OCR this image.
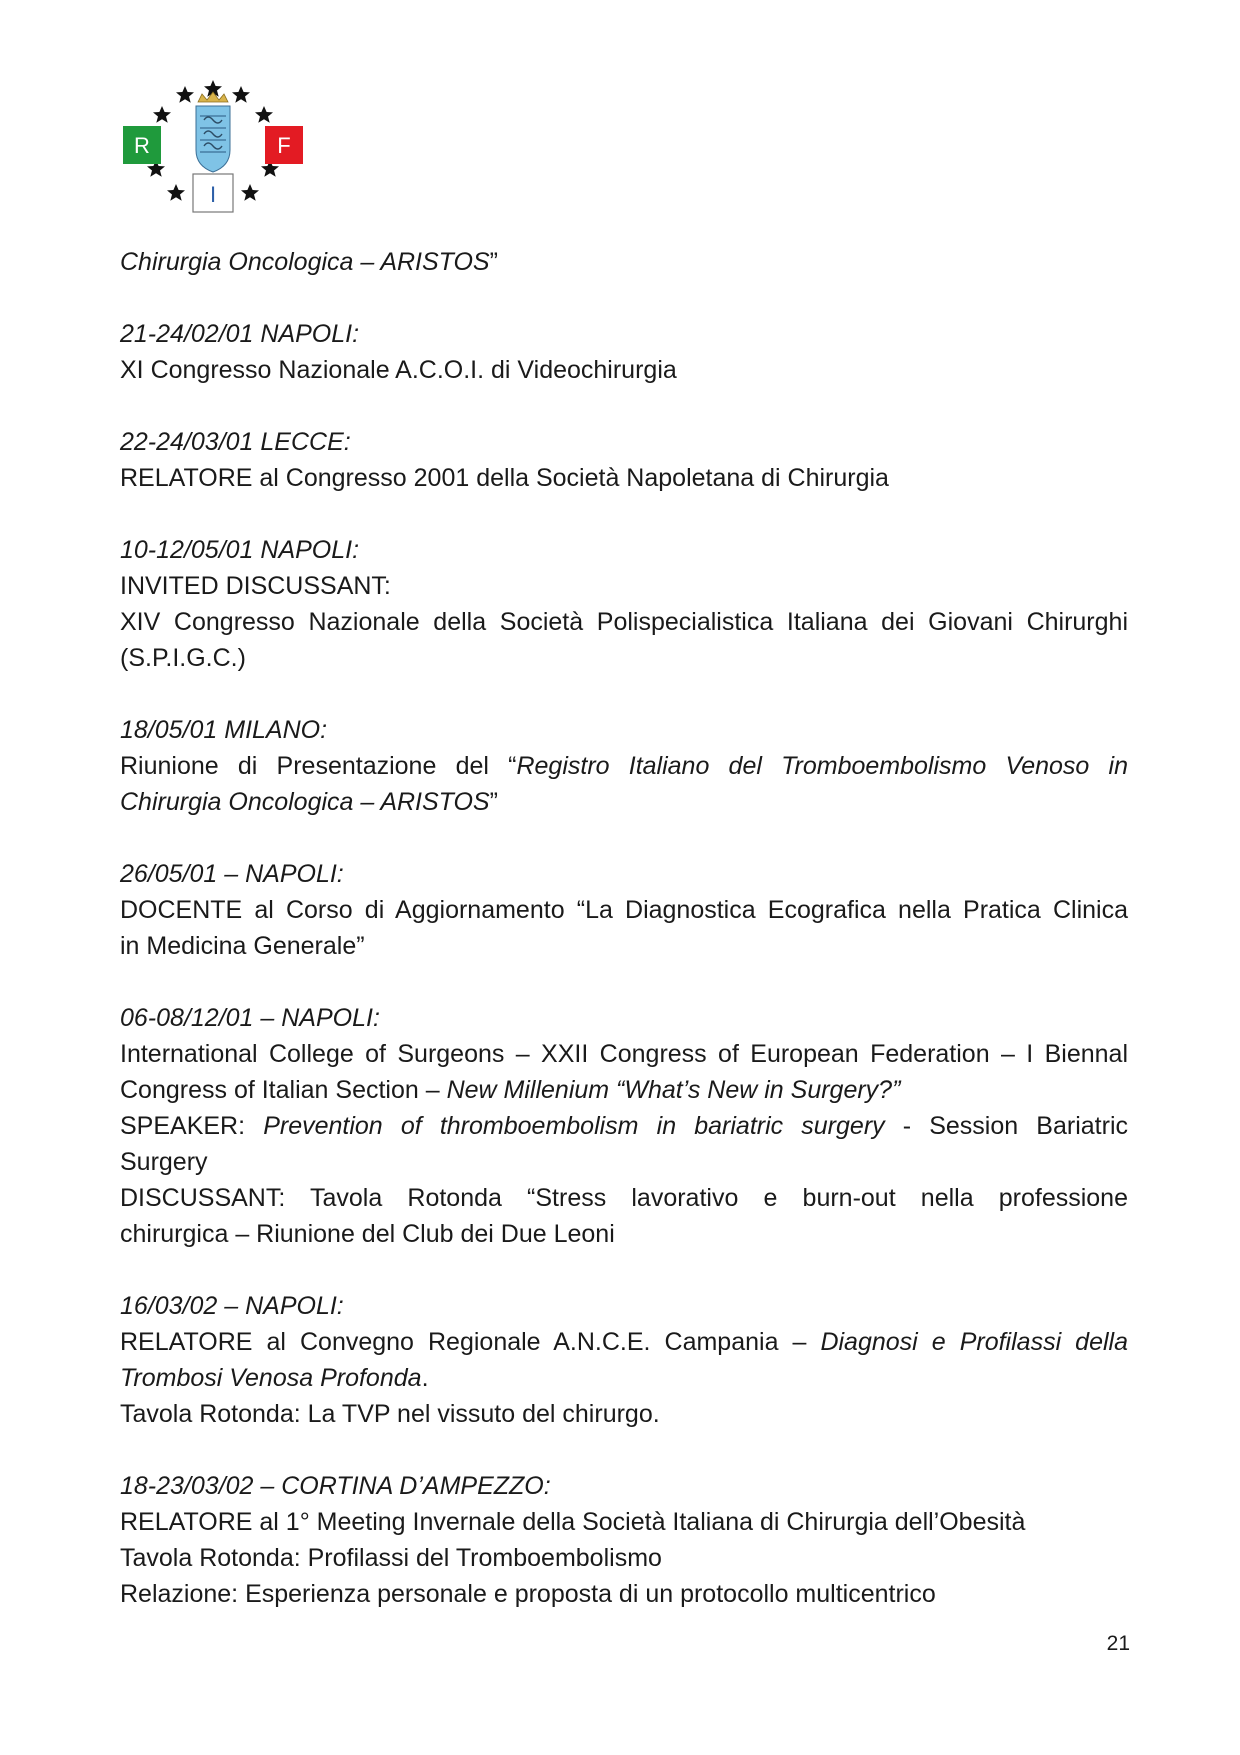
R	F
I

Chirurgia Oncologica – ARISTOS”

21-24/02/01 NAPOLI:

XI Congresso Nazionale A.C.O.I. di Videochirurgia

22-24/03/01 LECCE:

RELATORE al Congresso 2001 della Società Napoletana di Chirurgia

10-12/05/01 NAPOLI:

INVITED DISCUSSANT:

XIV Congresso Nazionale della Società Polispecialistica Italiana dei Giovani Chirurghi

(S.P.I.G.C.)

18/05/01 MILANO:

Riunione di Presentazione del “Registro Italiano del Tromboembolismo Venoso in

Chirurgia Oncologica – ARISTOS”

26/05/01 – NAPOLI:

DOCENTE al Corso di Aggiornamento “La Diagnostica Ecografica nella Pratica Clinica

in Medicina Generale”

06-08/12/01 – NAPOLI:

International College of Surgeons – XXII Congress of European Federation – I Biennal

Congress of Italian Section – New Millenium “What’s New in Surgery?”

SPEAKER: Prevention of thromboembolism in bariatric surgery - Session Bariatric

Surgery

DISCUSSANT: Tavola Rotonda “Stress lavorativo e burn-out nella professione

chirurgica – Riunione del Club dei Due Leoni

16/03/02 – NAPOLI:

RELATORE al Convegno Regionale A.N.C.E. Campania – Diagnosi e Profilassi della

Trombosi Venosa Profonda.

Tavola Rotonda: La TVP nel vissuto del chirurgo.

18-23/03/02 – CORTINA D’AMPEZZO:

RELATORE al 1° Meeting Invernale della Società Italiana di Chirurgia dell’Obesità

Tavola Rotonda: Profilassi del Tromboembolismo

Relazione: Esperienza personale e proposta di un protocollo multicentrico

21
